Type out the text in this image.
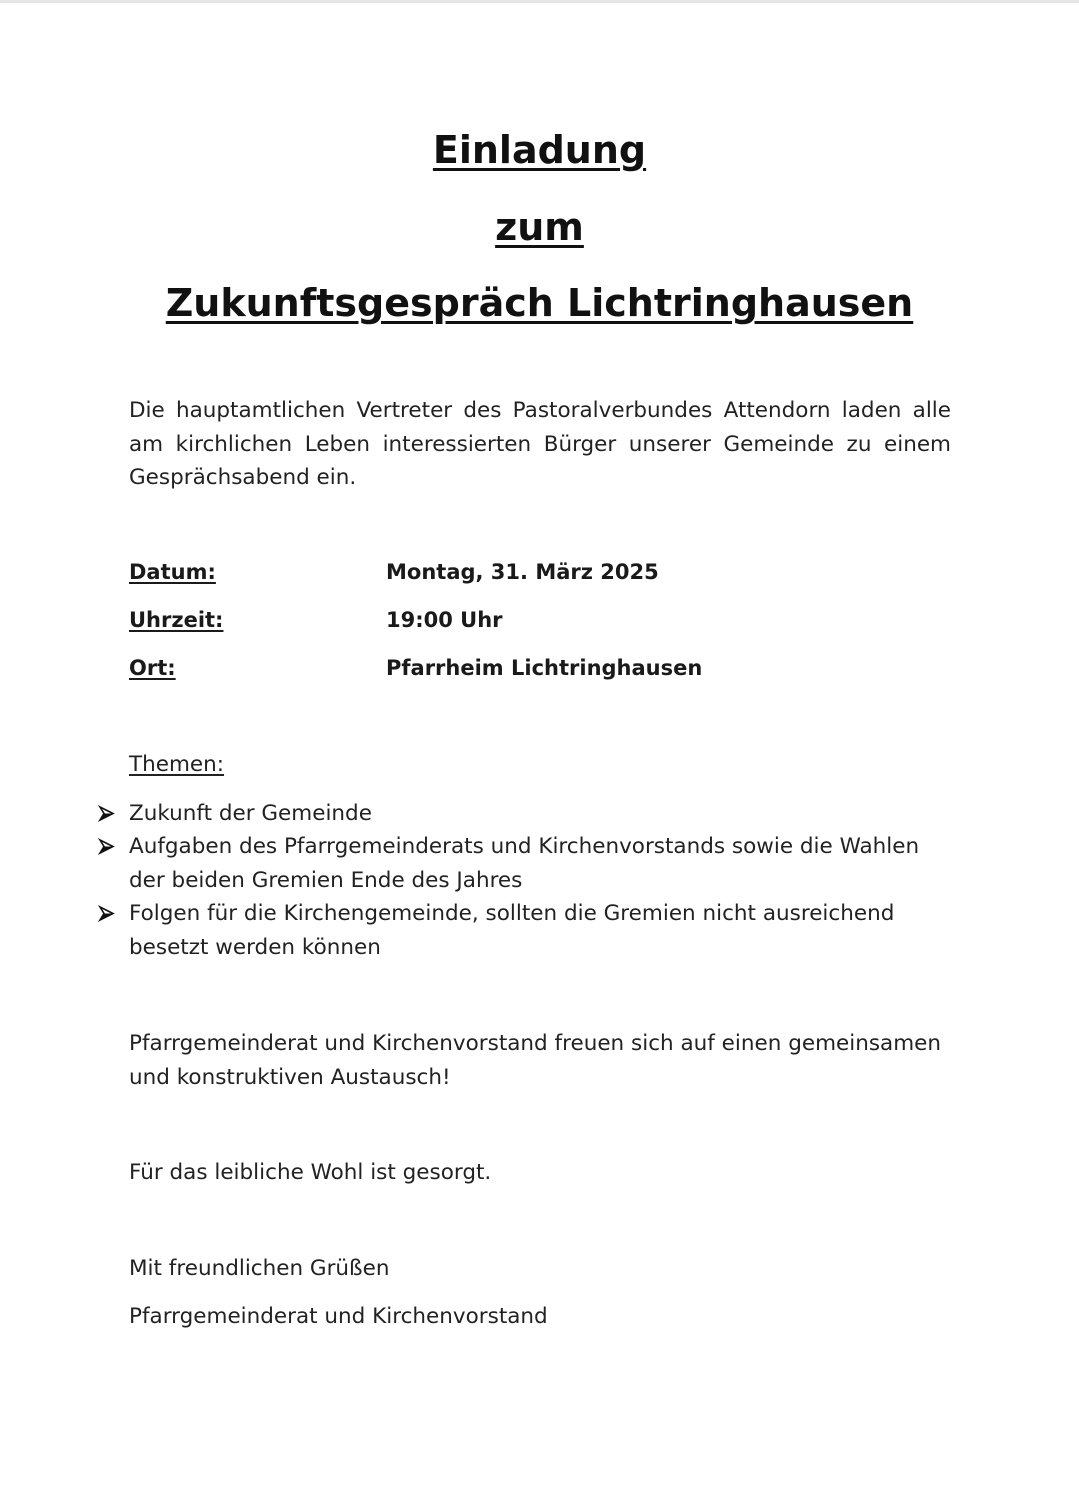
Einladung
zum
Zukunftsgespräch Lichtringhausen
Die hauptamtlichen Vertreter des Pastoralverbundes Attendorn laden alle am kirchlichen Leben interessierten Bürger unserer Gemeinde zu einem Gesprächsabend ein.
Datum:	Montag, 31. März 2025
Uhrzeit:	19:00 Uhr
Ort:	Pfarrheim Lichtringhausen
Themen:
Zukunft der Gemeinde
Aufgaben des Pfarrgemeinderats und Kirchenvorstands sowie die Wahlen der beiden Gremien Ende des Jahres
Folgen für die Kirchengemeinde, sollten die Gremien nicht ausreichend besetzt werden können
Pfarrgemeinderat und Kirchenvorstand freuen sich auf einen gemeinsamen und konstruktiven Austausch!
Für das leibliche Wohl ist gesorgt.
Mit freundlichen Grüßen
Pfarrgemeinderat und Kirchenvorstand
